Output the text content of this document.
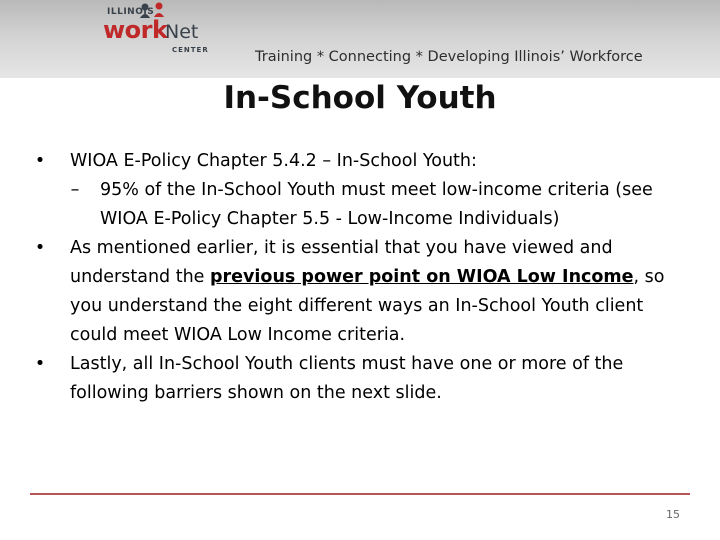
ILLINOIS
work
Net
CENTER	Training * Connecting * Developing Illinois’ Workforce
In-School Youth
• WIOA E-Policy Chapter 5.4.2 – In-School Youth:
–	95% of the In-School Youth must meet low-income criteria (see WIOA E-Policy Chapter 5.5 - Low-Income Individuals)
• As mentioned earlier, it is essential that you have viewed and understand the previous power point on WIOA Low Income, so you understand the eight different ways an In-School Youth client could meet WIOA Low Income criteria.
• Lastly, all In-School Youth clients must have one or more of the following barriers shown on the next slide.
15
